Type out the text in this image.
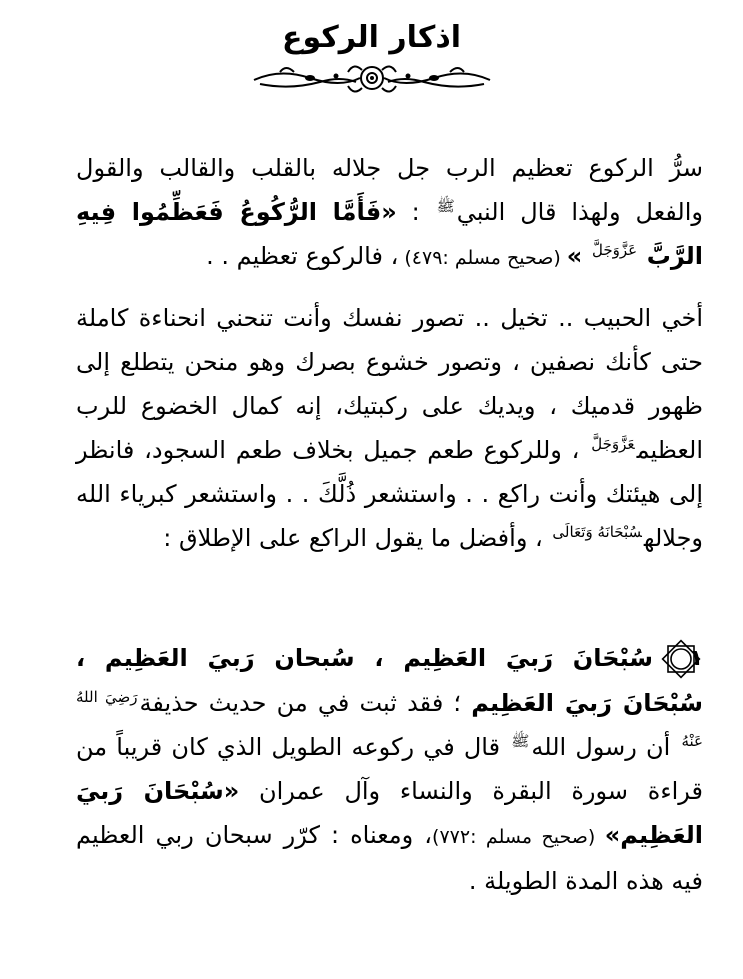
اذكار الركوع
سرُّ الركوع تعظيم الرب جل جلاله بالقلب والقالب والقول والفعل ولهذا قال النبي$^ﷺ$ : «فَأَمَّا الرُّكُوعُ فَعَظِّمُوا فِيهِ الرَّبَّ $^{عَزَّوَجَلَّ}$ » (صحيح مسلم :٤٧٩) ، فالركوع تعظيم . .
أخي الحبيب .. تخيل .. تصور نفسك وأنت تنحني انحناءة كاملة حتى كأنك نصفين ، وتصور خشوع بصرك وهو منحن يتطلع إلى ظهور قدميك ، ويديك على ركبتيك، إنه كمال الخضوع للرب العظيم$^{عَزَّوَجَلَّ}$ ، وللركوع طعم جميل بخلاف طعم السجود، فانظر إلى هيئتك وأنت راكع . . واستشعر ذُلَّكَ . . واستشعر كبرياء الله وجلاله$^{سُبْحَانَهُ وَتَعَالَى}$ ، وأفضل ما يقول الراكع على الإطلاق :
١
سُبْحَانَ رَبيَ العَظِيم ، سُبحان رَبيَ العَظِيم ، سُبْحَانَ رَبيَ العَظِيم ؛ فقد ثبت في من حديث حذيفة$^{رَضِيَ اللهُ عَنْهُ}$ أن رسول الله$^ﷺ$ قال في ركوعه الطويل الذي كان قريباً من قراءة سورة البقرة والنساء وآل عمران «سُبْحَانَ رَبيَ العَظِيم» (صحيح مسلم :٧٧٢)، ومعناه : كرّر سبحان ربي العظيم فيه هذه المدة الطويلة .
